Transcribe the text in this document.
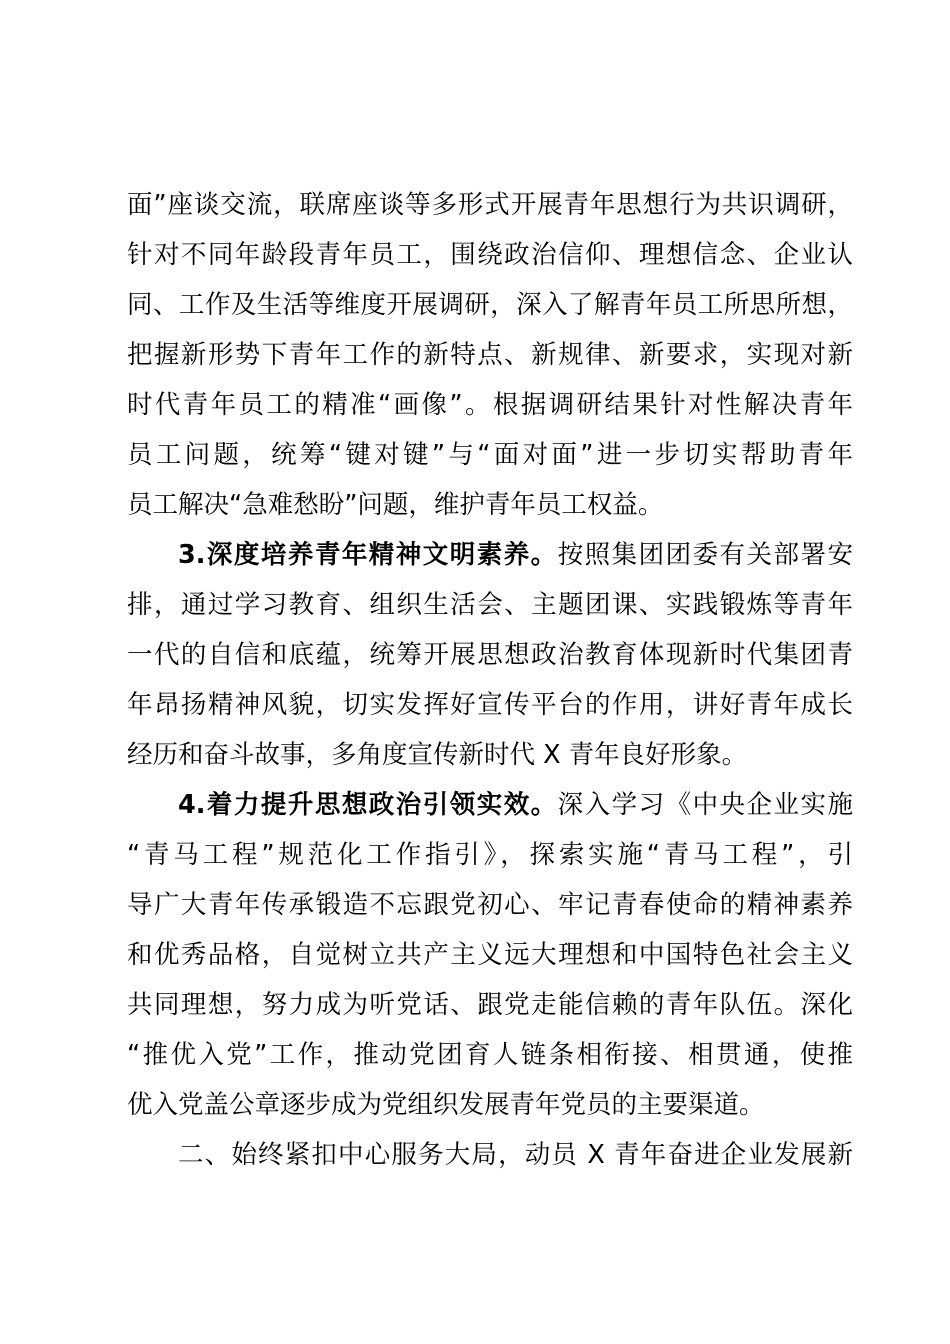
面”座谈交流，联席座谈等多形式开展青年思想行为共识调研，
针对不同年龄段青年员工，围绕政治信仰、理想信念、企业认
同、工作及生活等维度开展调研，深入了解青年员工所思所想，
把握新形势下青年工作的新特点、新规律、新要求，实现对新
时代青年员工的精准“画像”。根据调研结果针对性解决青年
员工问题，统筹“键对键”与“面对面”进一步切实帮助青年
员工解决“急难愁盼”问题，维护青年员工权益。
3.深度培养青年精神文明素养。按照集团团委有关部署安
排，通过学习教育、组织生活会、主题团课、实践锻炼等青年
一代的自信和底蕴，统筹开展思想政治教育体现新时代集团青
年昂扬精神风貌，切实发挥好宣传平台的作用，讲好青年成长
经历和奋斗故事，多角度宣传新时代 X 青年良好形象。
4.着力提升思想政治引领实效。深入学习《中央企业实施
“青马工程”规范化工作指引》，探索实施“青马工程”，引
导广大青年传承锻造不忘跟党初心、牢记青春使命的精神素养
和优秀品格，自觉树立共产主义远大理想和中国特色社会主义
共同理想，努力成为听党话、跟党走能信赖的青年队伍。深化
“推优入党”工作，推动党团育人链条相衔接、相贯通，使推
优入党盖公章逐步成为党组织发展青年党员的主要渠道。
二、始终紧扣中心服务大局，动员 X 青年奋进企业发展新
